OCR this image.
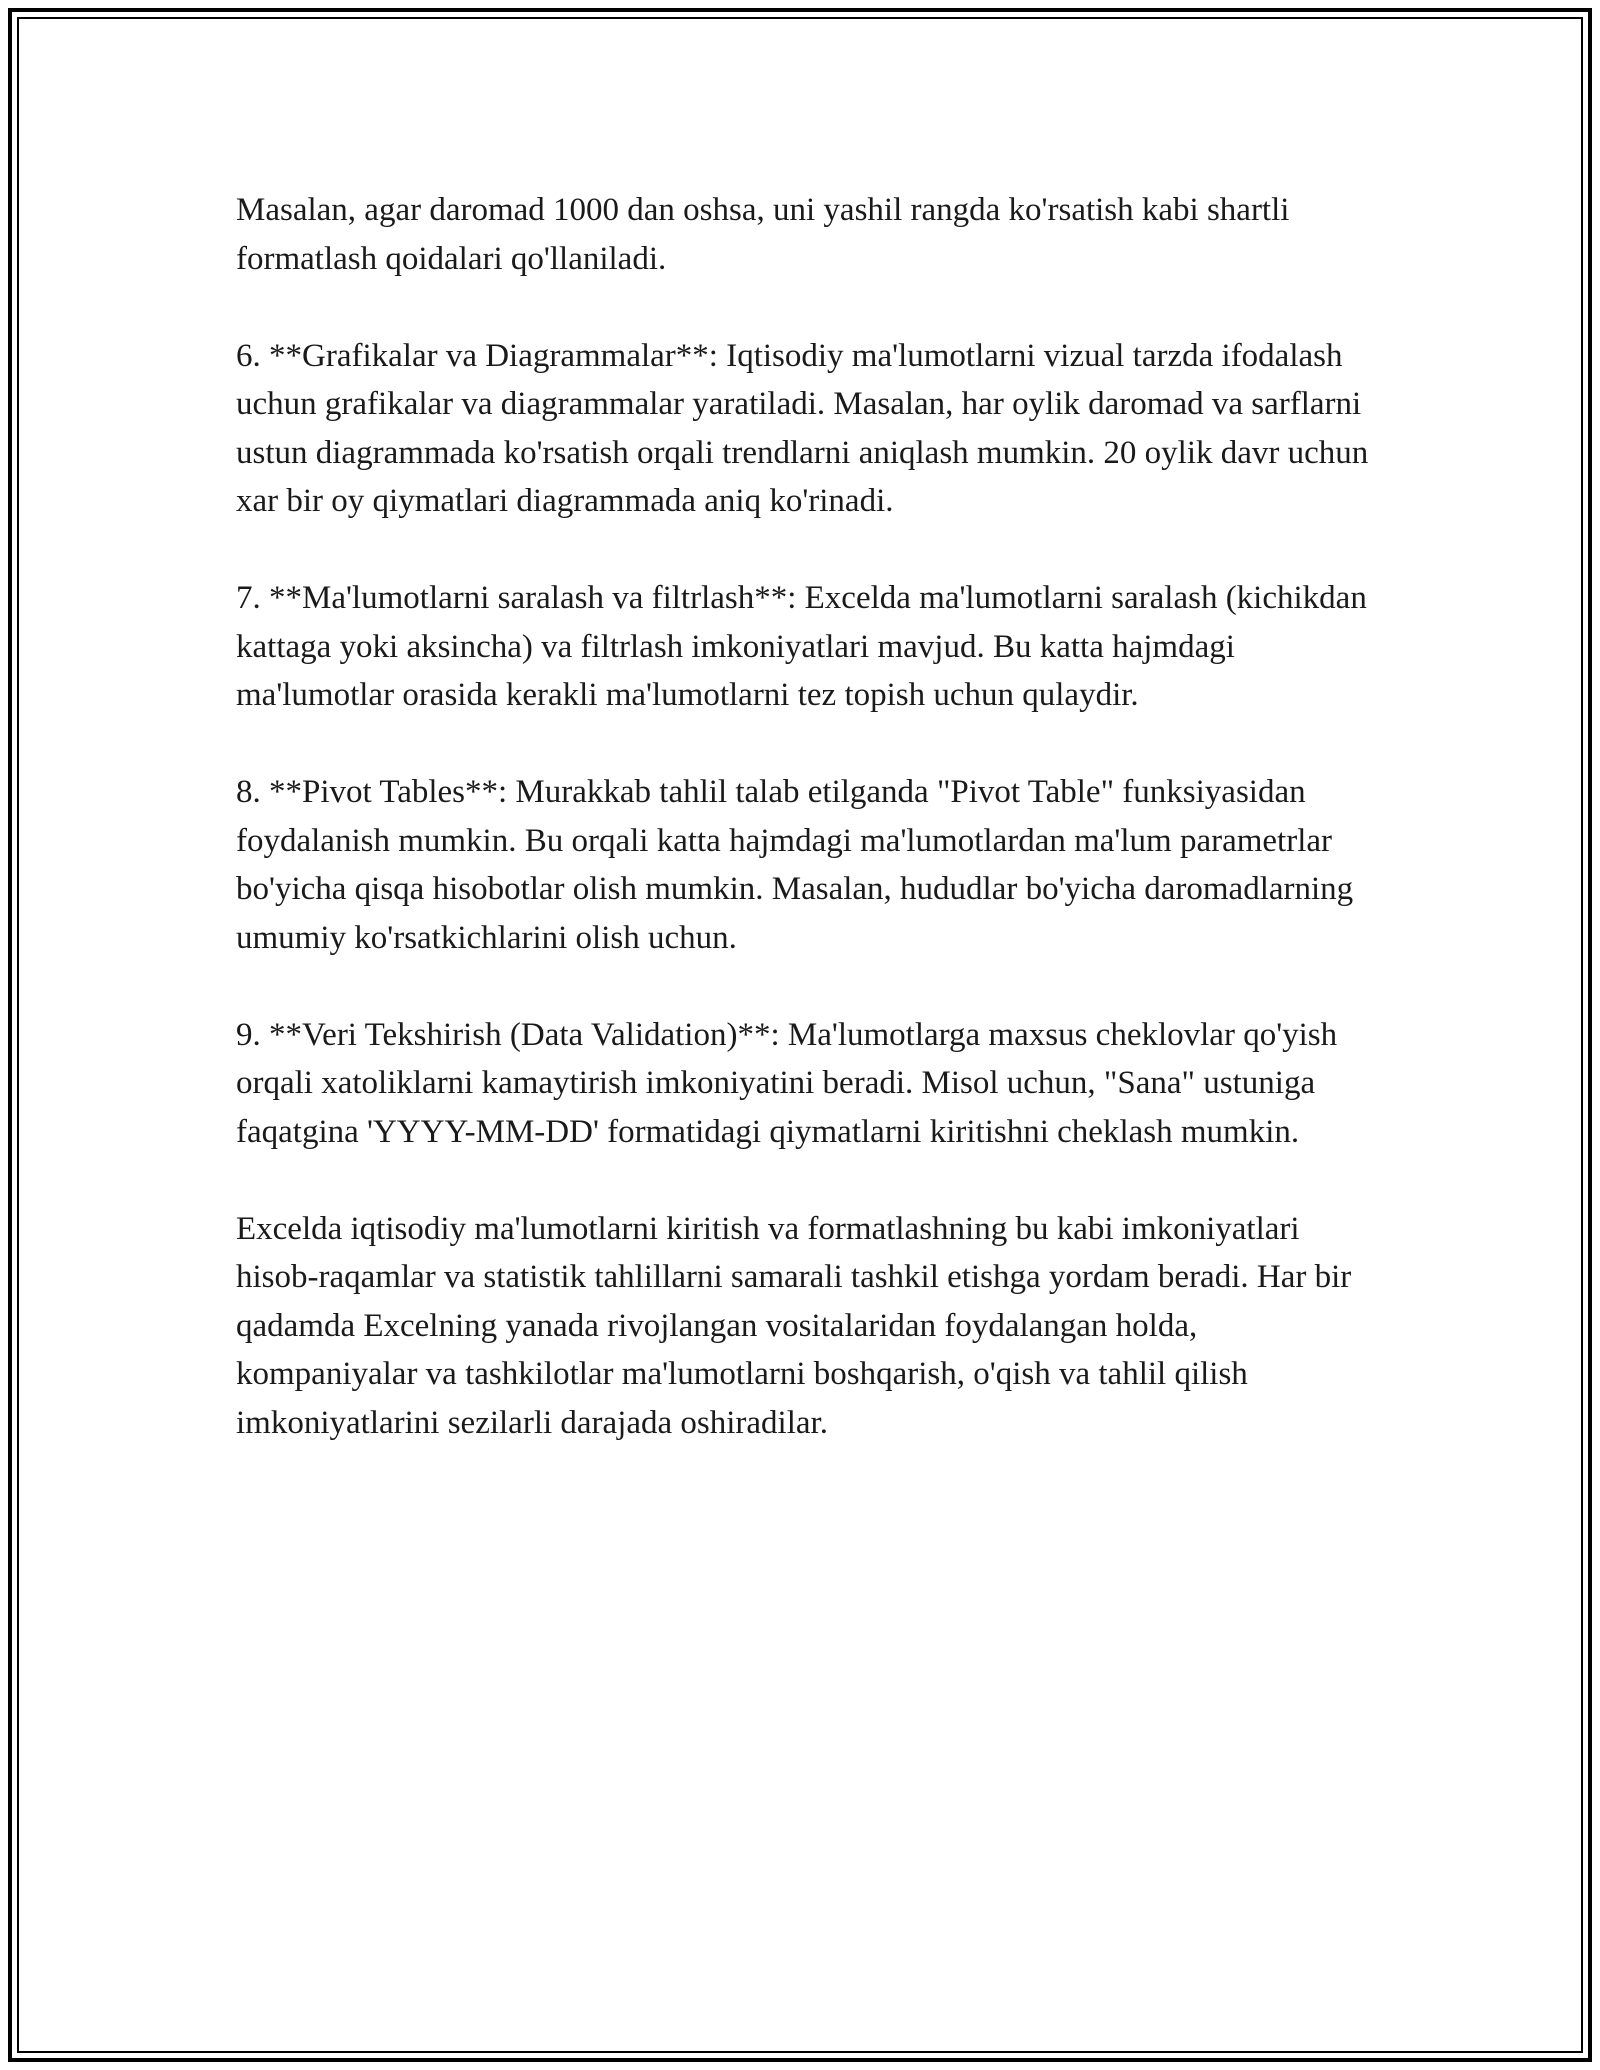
Masalan, agar daromad 1000 dan oshsa, uni yashil rangda ko'rsatish kabi shartli formatlash qoidalari qo'llaniladi.

6. **Grafikalar va Diagrammalar**: Iqtisodiy ma'lumotlarni vizual tarzda ifodalash uchun grafikalar va diagrammalar yaratiladi. Masalan, har oylik daromad va sarflarni ustun diagrammada ko'rsatish orqali trendlarni aniqlash mumkin. 20 oylik davr uchun xar bir oy qiymatlari diagrammada aniq ko'rinadi.

7. **Ma'lumotlarni saralash va filtrlash**: Excelda ma'lumotlarni saralash (kichikdan kattaga yoki aksincha) va filtrlash imkoniyatlari mavjud. Bu katta hajmdagi ma'lumotlar orasida kerakli ma'lumotlarni tez topish uchun qulaydir.

8. **Pivot Tables**: Murakkab tahlil talab etilganda "Pivot Table" funksiyasidan foydalanish mumkin. Bu orqali katta hajmdagi ma'lumotlardan ma'lum parametrlar bo'yicha qisqa hisobotlar olish mumkin. Masalan, hududlar bo'yicha daromadlarning umumiy ko'rsatkichlarini olish uchun.

9. **Veri Tekshirish (Data Validation)**: Ma'lumotlarga maxsus cheklovlar qo'yish orqali xatoliklarni kamaytirish imkoniyatini beradi. Misol uchun, "Sana" ustuniga faqatgina 'YYYY-MM-DD' formatidagi qiymatlarni kiritishni cheklash mumkin.

Excelda iqtisodiy ma'lumotlarni kiritish va formatlashning bu kabi imkoniyatlari hisob-raqamlar va statistik tahlillarni samarali tashkil etishga yordam beradi. Har bir qadamda Excelning yanada rivojlangan vositalaridan foydalangan holda, kompaniyalar va tashkilotlar ma'lumotlarni boshqarish, o'qish va tahlil qilish imkoniyatlarini sezilarli darajada oshiradilar.
